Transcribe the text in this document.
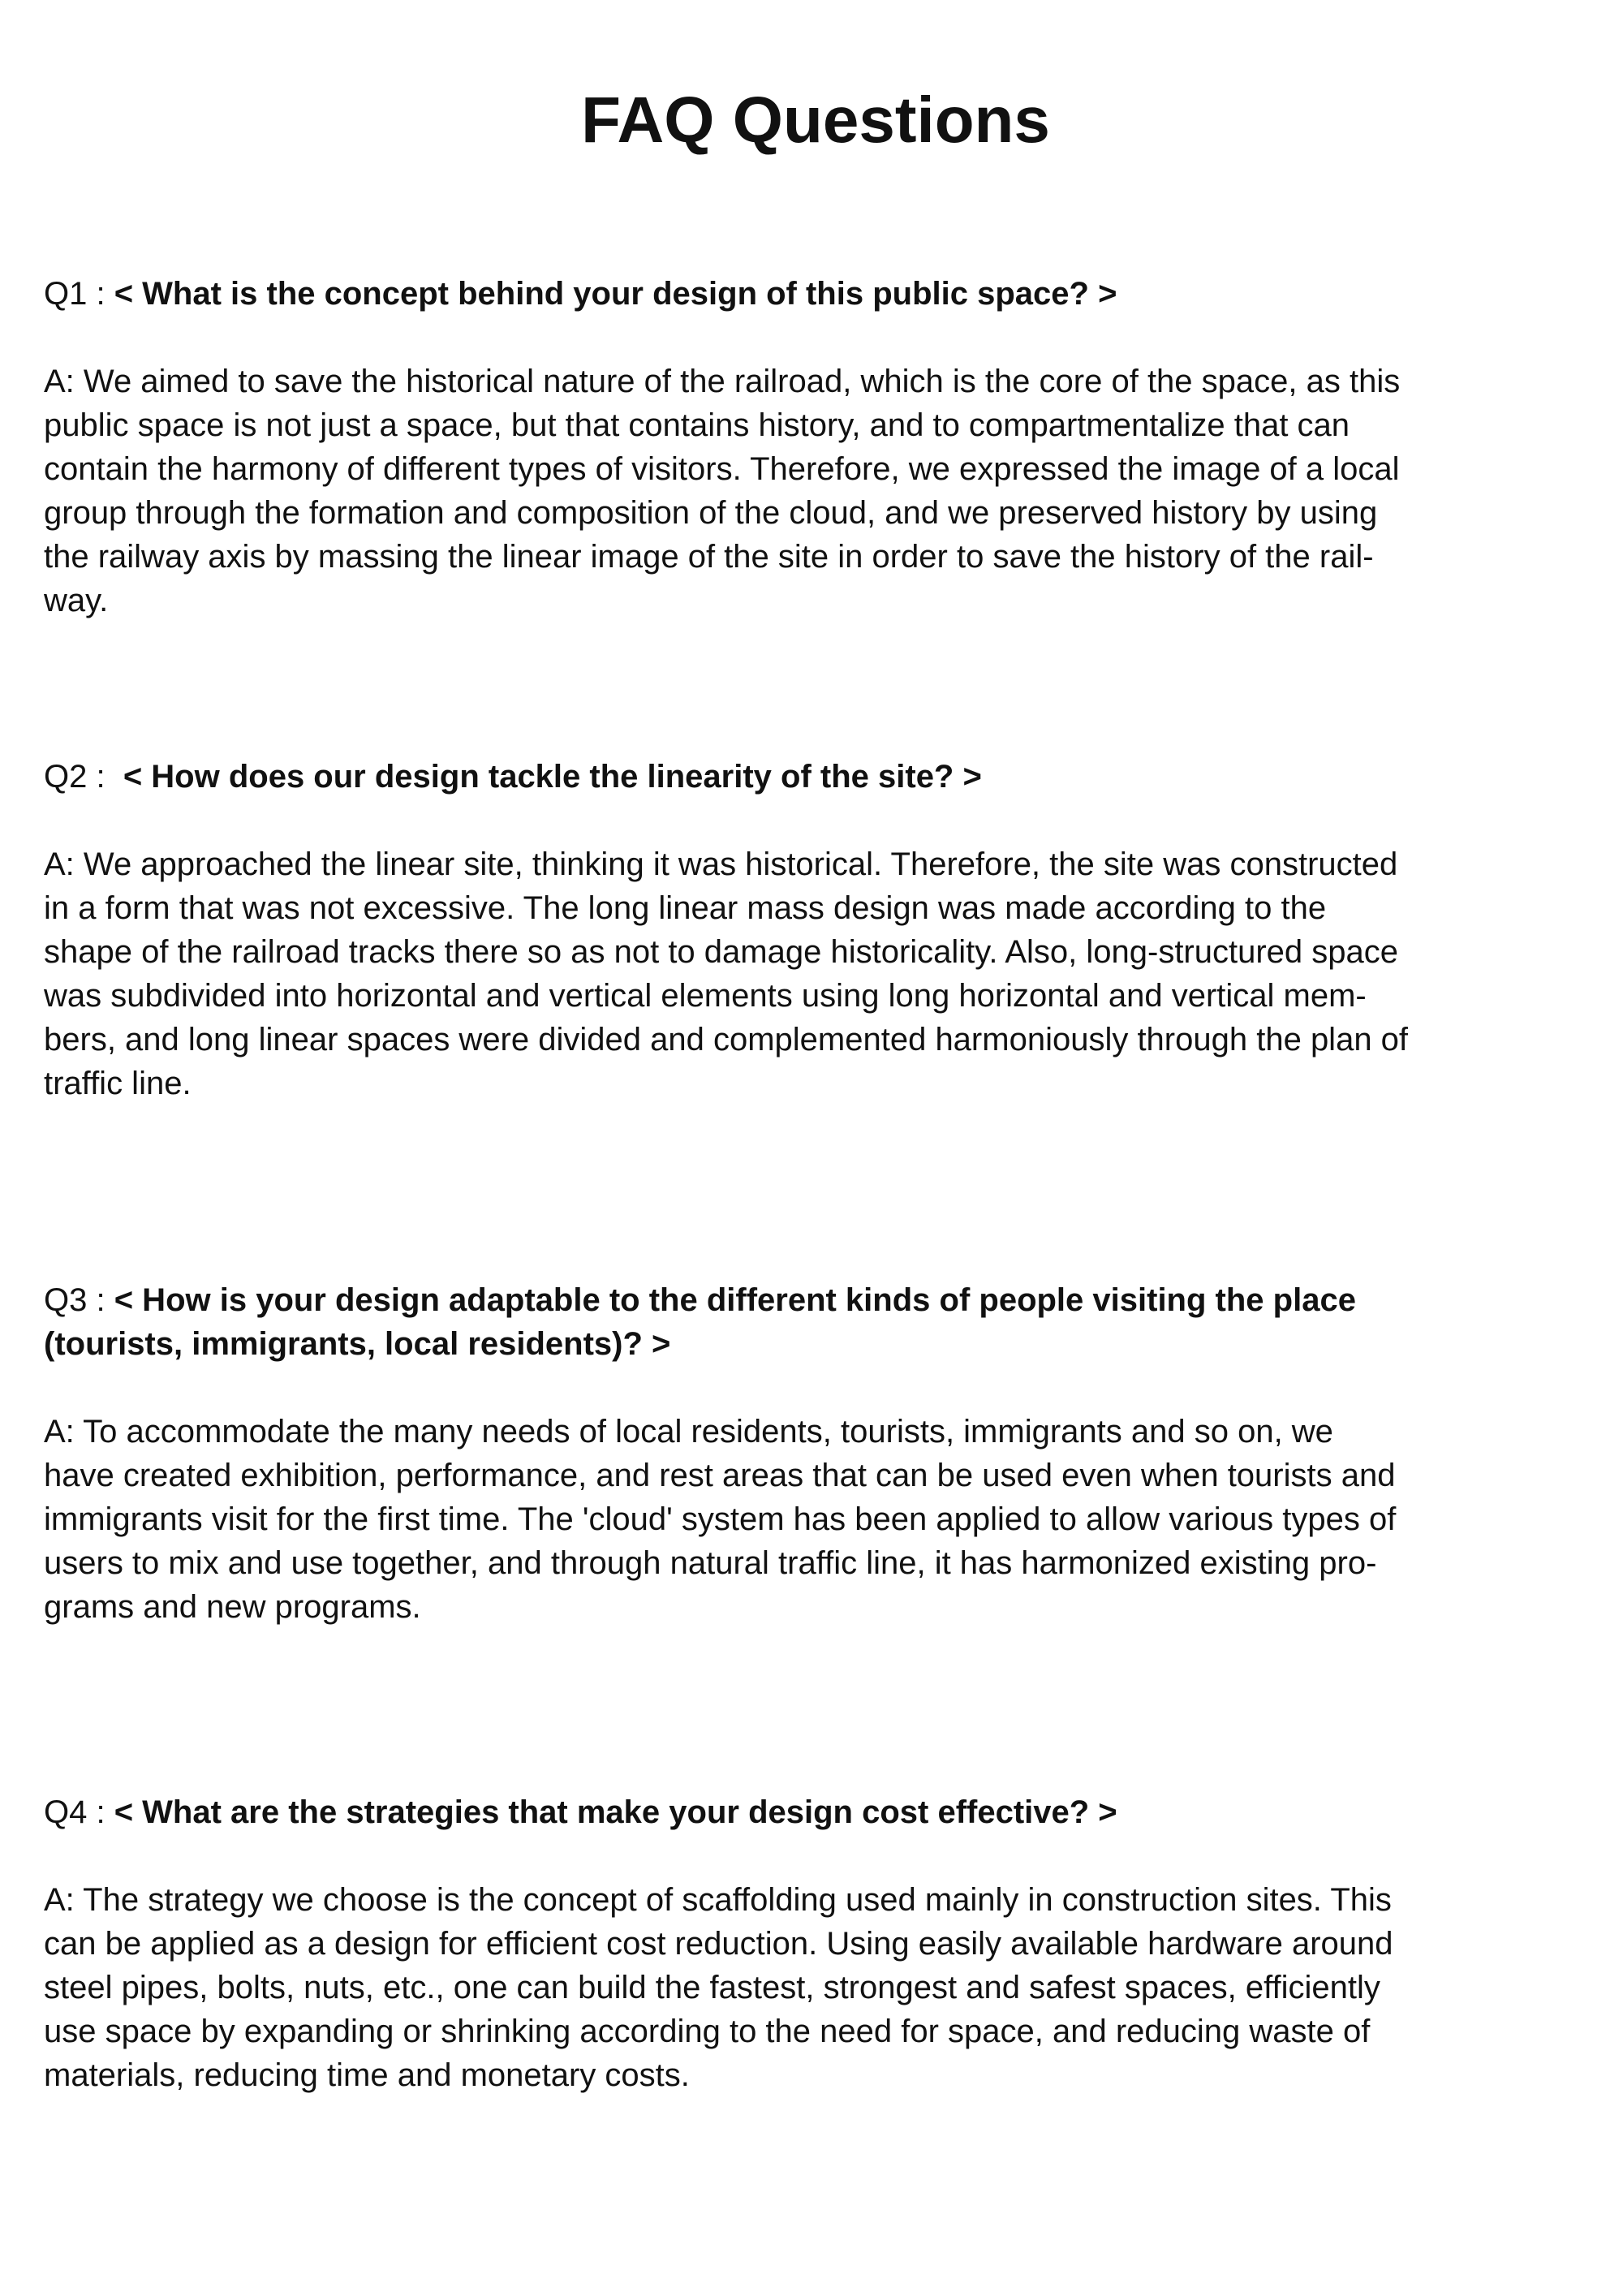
FAQ Questions

Q1 : < What is the concept behind your design of this public space? >

A: We aimed to save the historical nature of the railroad, which is the core of the space, as this
public space is not just a space, but that contains history, and to compartmentalize that can
contain the harmony of different types of visitors. Therefore, we expressed the image of a local
group through the formation and composition of the cloud, and we preserved history by using
the railway axis by massing the linear image of the site in order to save the history of the rail-
way.

Q2 :  < How does our design tackle the linearity of the site? >

A: We approached the linear site, thinking it was historical. Therefore, the site was constructed
in a form that was not excessive. The long linear mass design was made according to the
shape of the railroad tracks there so as not to damage historicality. Also, long-structured space
was subdivided into horizontal and vertical elements using long horizontal and vertical mem-
bers, and long linear spaces were divided and complemented harmoniously through the plan of
traffic line.

Q3 : < How is your design adaptable to the different kinds of people visiting the place
(tourists, immigrants, local residents)? >

A: To accommodate the many needs of local residents, tourists, immigrants and so on, we
have created exhibition, performance, and rest areas that can be used even when tourists and
immigrants visit for the first time. The 'cloud' system has been applied to allow various types of
users to mix and use together, and through natural traffic line, it has harmonized existing pro-
grams and new programs.

Q4 : < What are the strategies that make your design cost effective? >

A: The strategy we choose is the concept of scaffolding used mainly in construction sites. This
can be applied as a design for efficient cost reduction. Using easily available hardware around
steel pipes, bolts, nuts, etc., one can build the fastest, strongest and safest spaces, efficiently
use space by expanding or shrinking according to the need for space, and reducing waste of
materials, reducing time and monetary costs.
